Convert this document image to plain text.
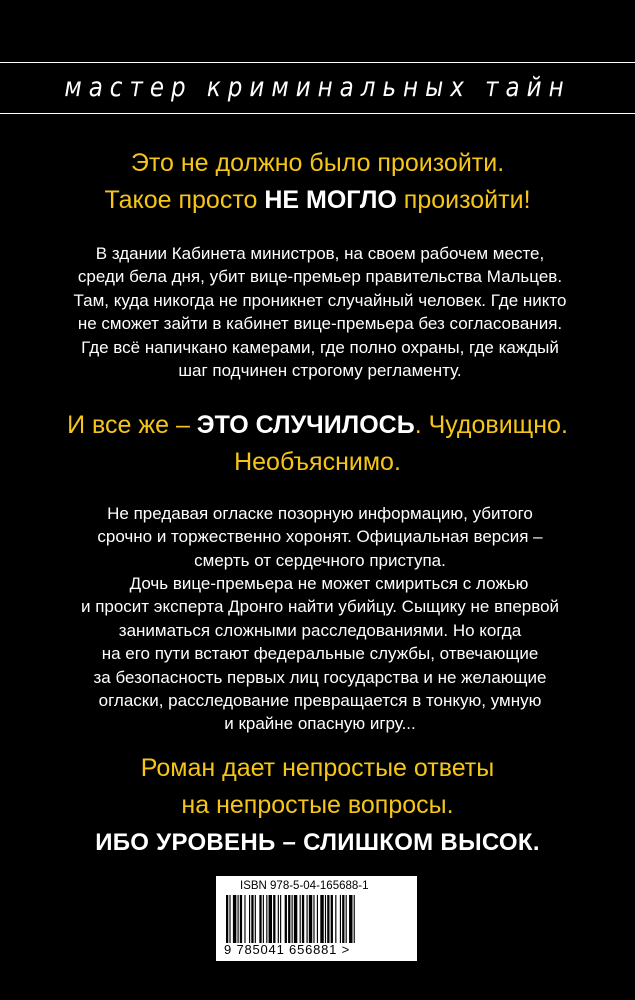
мастер криминальных тайн
Это не должно было произойти.
Такое просто НЕ МОГЛО произойти!

В здании Кабинета министров, на своем рабочем месте,

среди бела дня, убит вице-премьер правительства Мальцев.

Там, куда никогда не проникнет случайный человек. Где никто

не сможет зайти в кабинет вице-премьера без согласования.

Где всё напичкано камерами, где полно охраны, где каждый

шаг подчинен строгому регламенту.

И все же – ЭТО СЛУЧИЛОСЬ. Чудовищно.
Необъяснимо.

Не предавая огласке позорную информацию, убитого

срочно и торжественно хоронят. Официальная версия –

смерть от сердечного приступа.

Дочь вице-премьера не может смириться с ложью

и просит эксперта Дронго найти убийцу. Сыщику не впервой

заниматься сложными расследованиями. Но когда

на его пути встают федеральные службы, отвечающие

за безопасность первых лиц государства и не желающие

огласки, расследование превращается в тонкую, умную

и крайне опасную игру...

Роман дает непростые ответы
на непростые вопросы.
ИБО УРОВЕНЬ – СЛИШКОМ ВЫСОК.
ISBN 978-5-04-165688-1
9 785041 656881 >
